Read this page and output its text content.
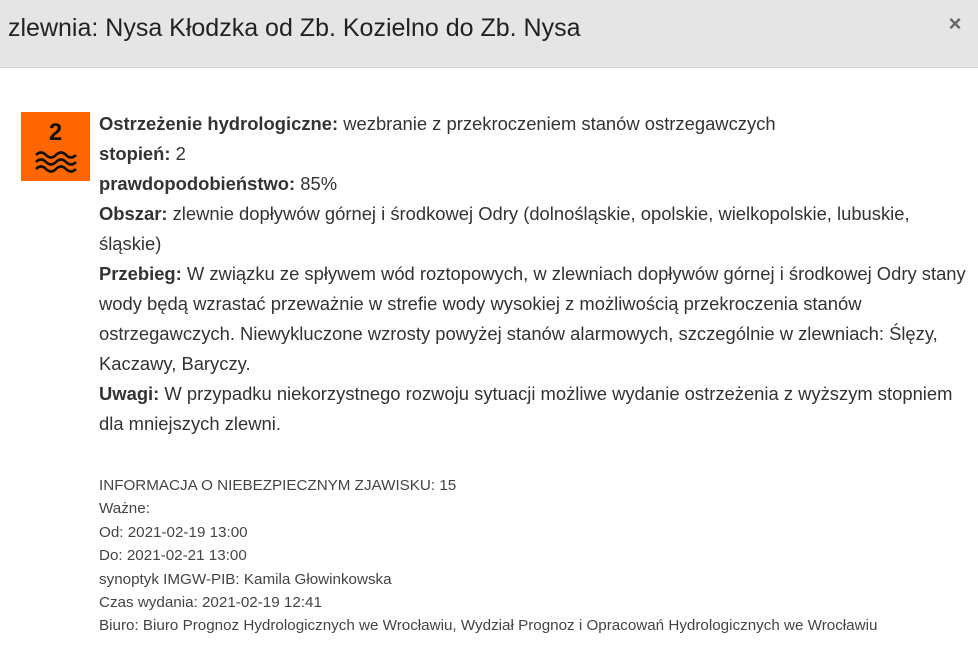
zlewnia: Nysa Kłodzka od Zb. Kozielno do Zb. Nysa	×
2	Ostrzeżenie hydrologiczne: wezbranie z przekroczeniem stanów ostrzegawczych
stopień: 2
prawdopodobieństwo: 85%
Obszar: zlewnie dopływów górnej i środkowej Odry (dolnośląskie, opolskie, wielkopolskie, lubuskie, śląskie)
Przebieg: W związku ze spływem wód roztopowych, w zlewniach dopływów górnej i środkowej Odry stany wody będą wzrastać przeważnie w strefie wody wysokiej z możliwością przekroczenia stanów ostrzegawczych. Niewykluczone wzrosty powyżej stanów alarmowych, szczególnie w zlewniach: Ślęzy, Kaczawy, Baryczy.
Uwagi: W przypadku niekorzystnego rozwoju sytuacji możliwe wydanie ostrzeżenia z wyższym stopniem dla mniejszych zlewni.
INFORMACJA O NIEBEZPIECZNYM ZJAWISKU: 15
Ważne:
Od: 2021-02-19 13:00
Do: 2021-02-21 13:00
synoptyk IMGW-PIB: Kamila Głowinkowska
Czas wydania: 2021-02-19 12:41
Biuro: Biuro Prognoz Hydrologicznych we Wrocławiu, Wydział Prognoz i Opracowań Hydrologicznych we Wrocławiu
